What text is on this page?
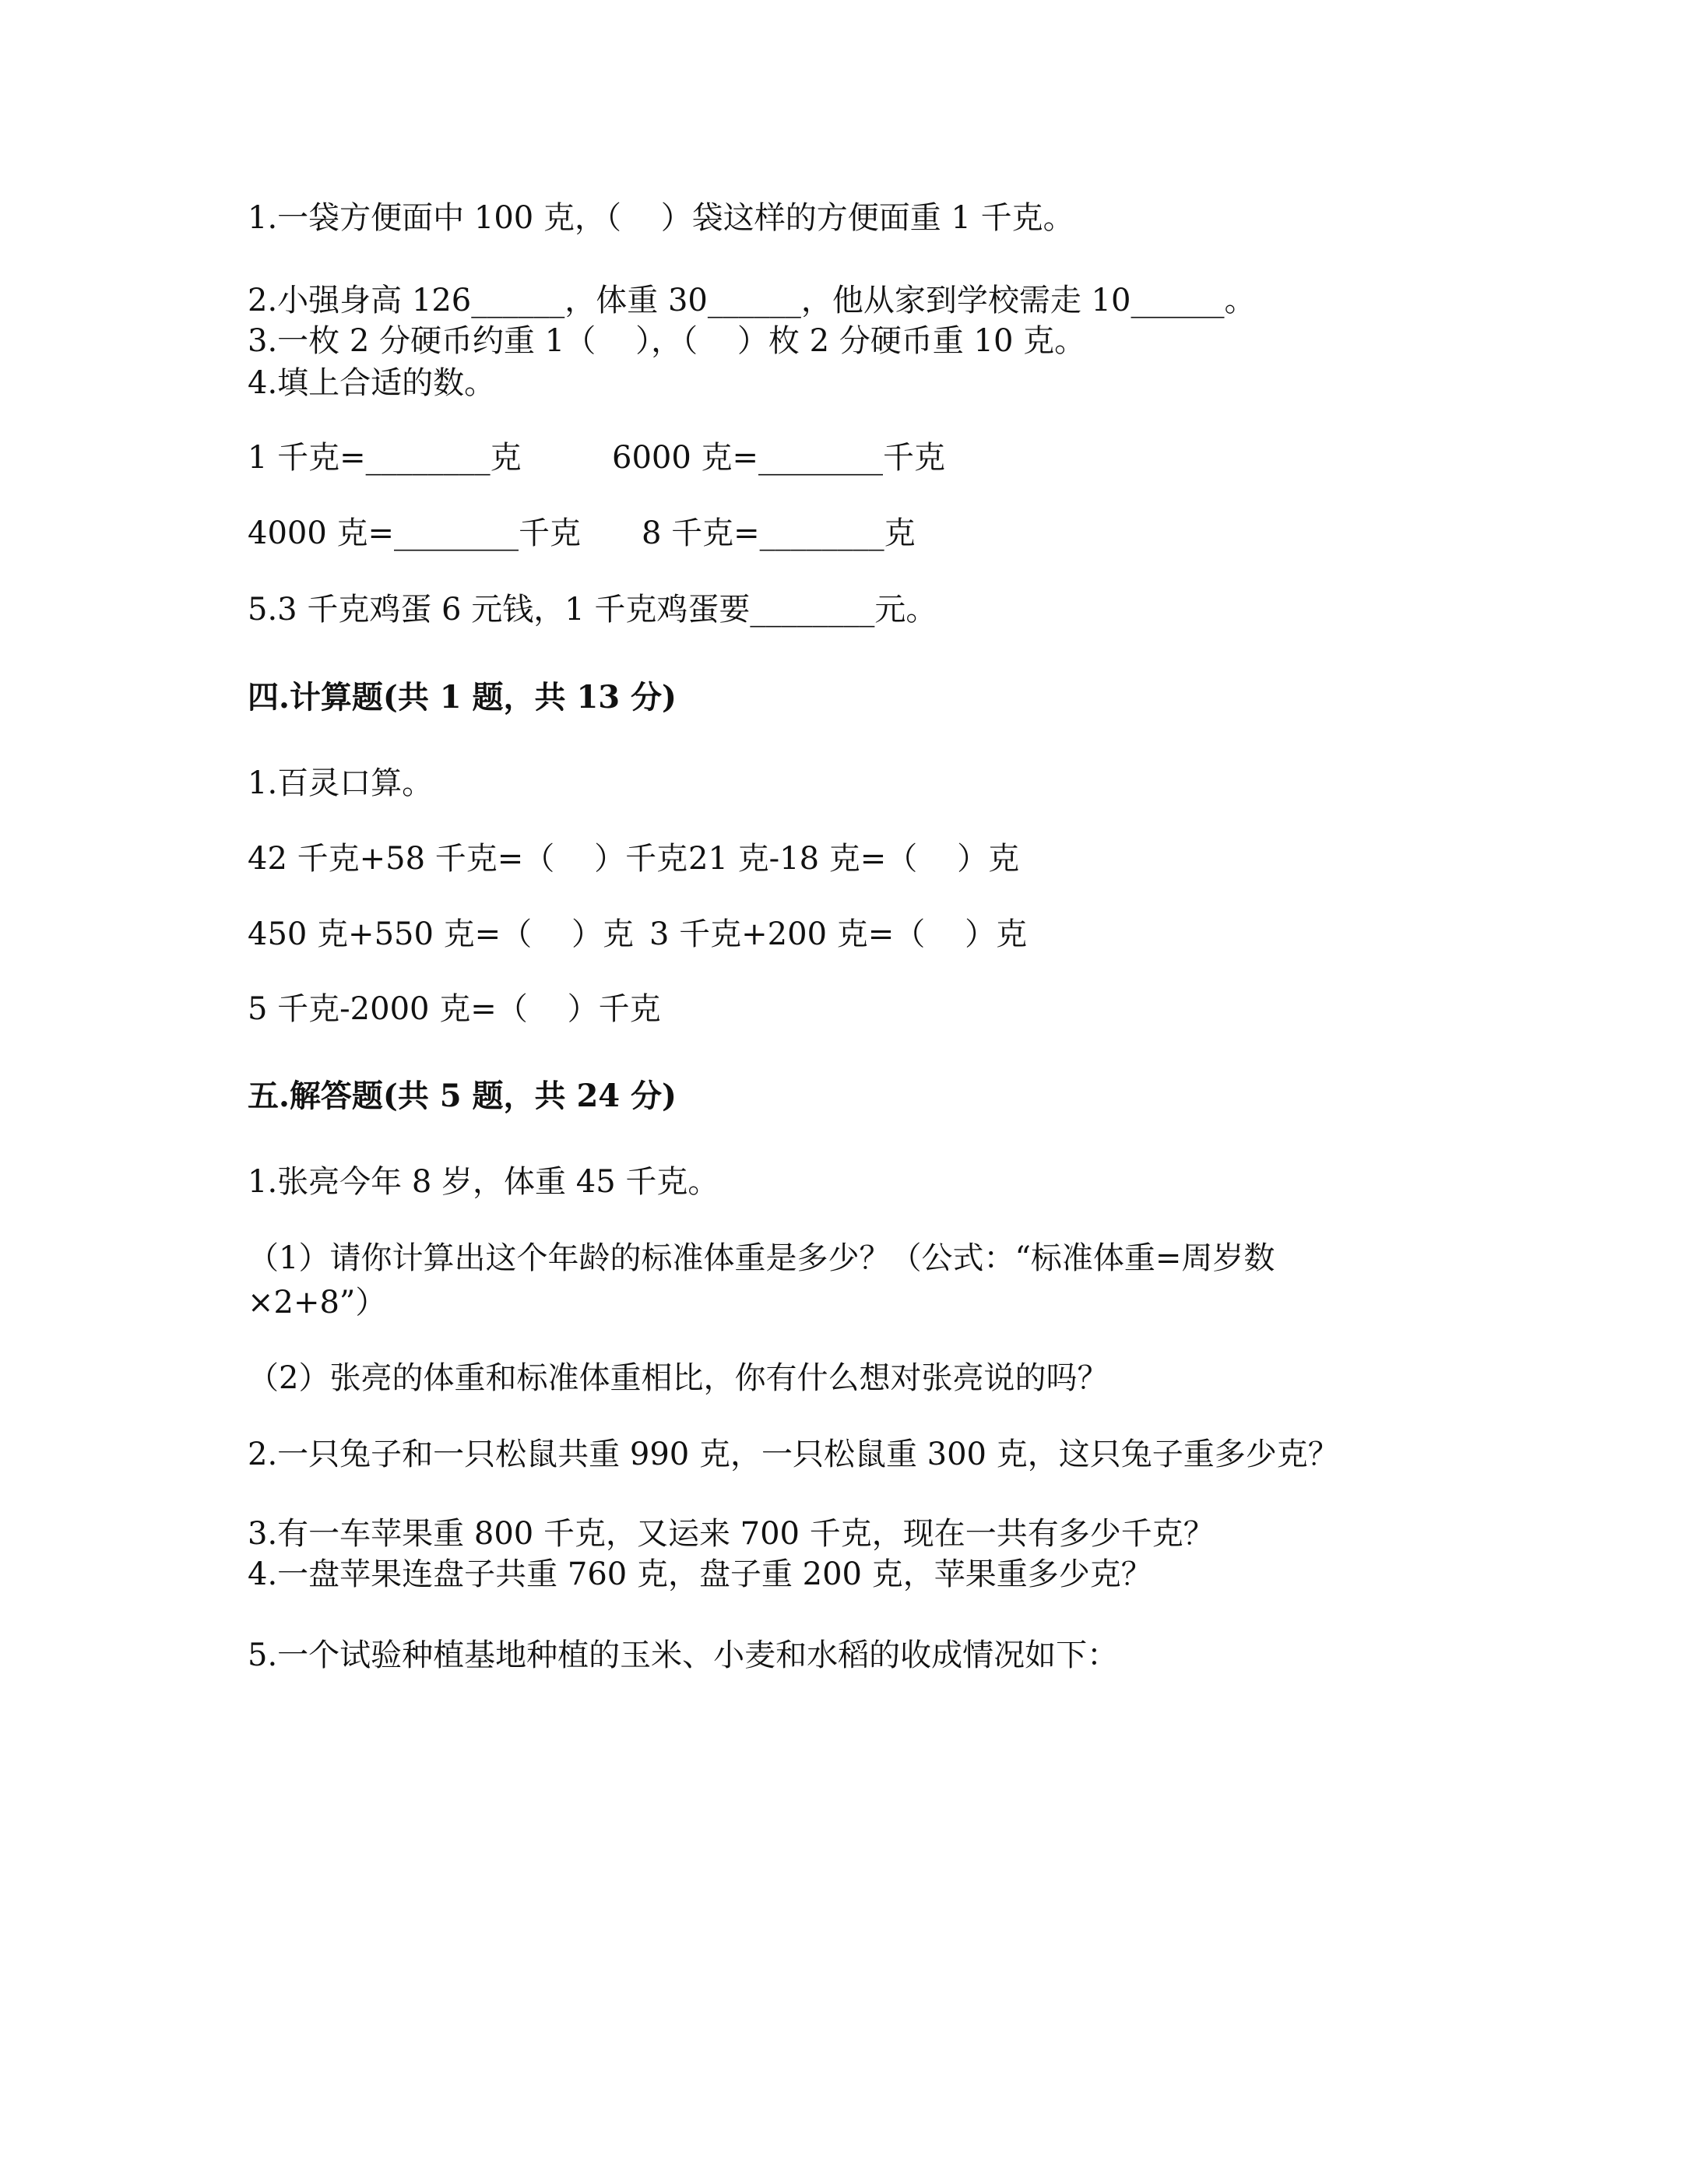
1.一袋方便面中 100 克，（    ）袋这样的方便面重 1 千克。
2.小强身高 126______，体重 30______，他从家到学校需走 10______。
3.一枚 2 分硬币约重 1（    ），（    ）枚 2 分硬币重 10 克。
4.填上合适的数。
1 千克=________克	6000 克=________千克
4000 克=________千克 8 千克=________克
5.3 千克鸡蛋 6 元钱，1 千克鸡蛋要________元。
四.计算题(共 1 题，共 13 分)
1.百灵口算。
42 千克+58 千克=（    ）千克 21 克-18 克=（    ）克
450 克+550 克=（    ）克 3 千克+200 克=（    ）克
5 千克-2000 克=（    ）千克
五.解答题(共 5 题，共 24 分)
1.张亮今年 8 岁，体重 45 千克。
（1）请你计算出这个年龄的标准体重是多少？（公式：“标准体重=周岁数
×2+8”）
（2）张亮的体重和标准体重相比，你有什么想对张亮说的吗？
2.一只兔子和一只松鼠共重 990 克，一只松鼠重 300 克，这只兔子重多少克？
3.有一车苹果重 800 千克，又运来 700 千克，现在一共有多少千克？
4.一盘苹果连盘子共重 760 克，盘子重 200 克，苹果重多少克？
5.一个试验种植基地种植的玉米、小麦和水稻的收成情况如下：
